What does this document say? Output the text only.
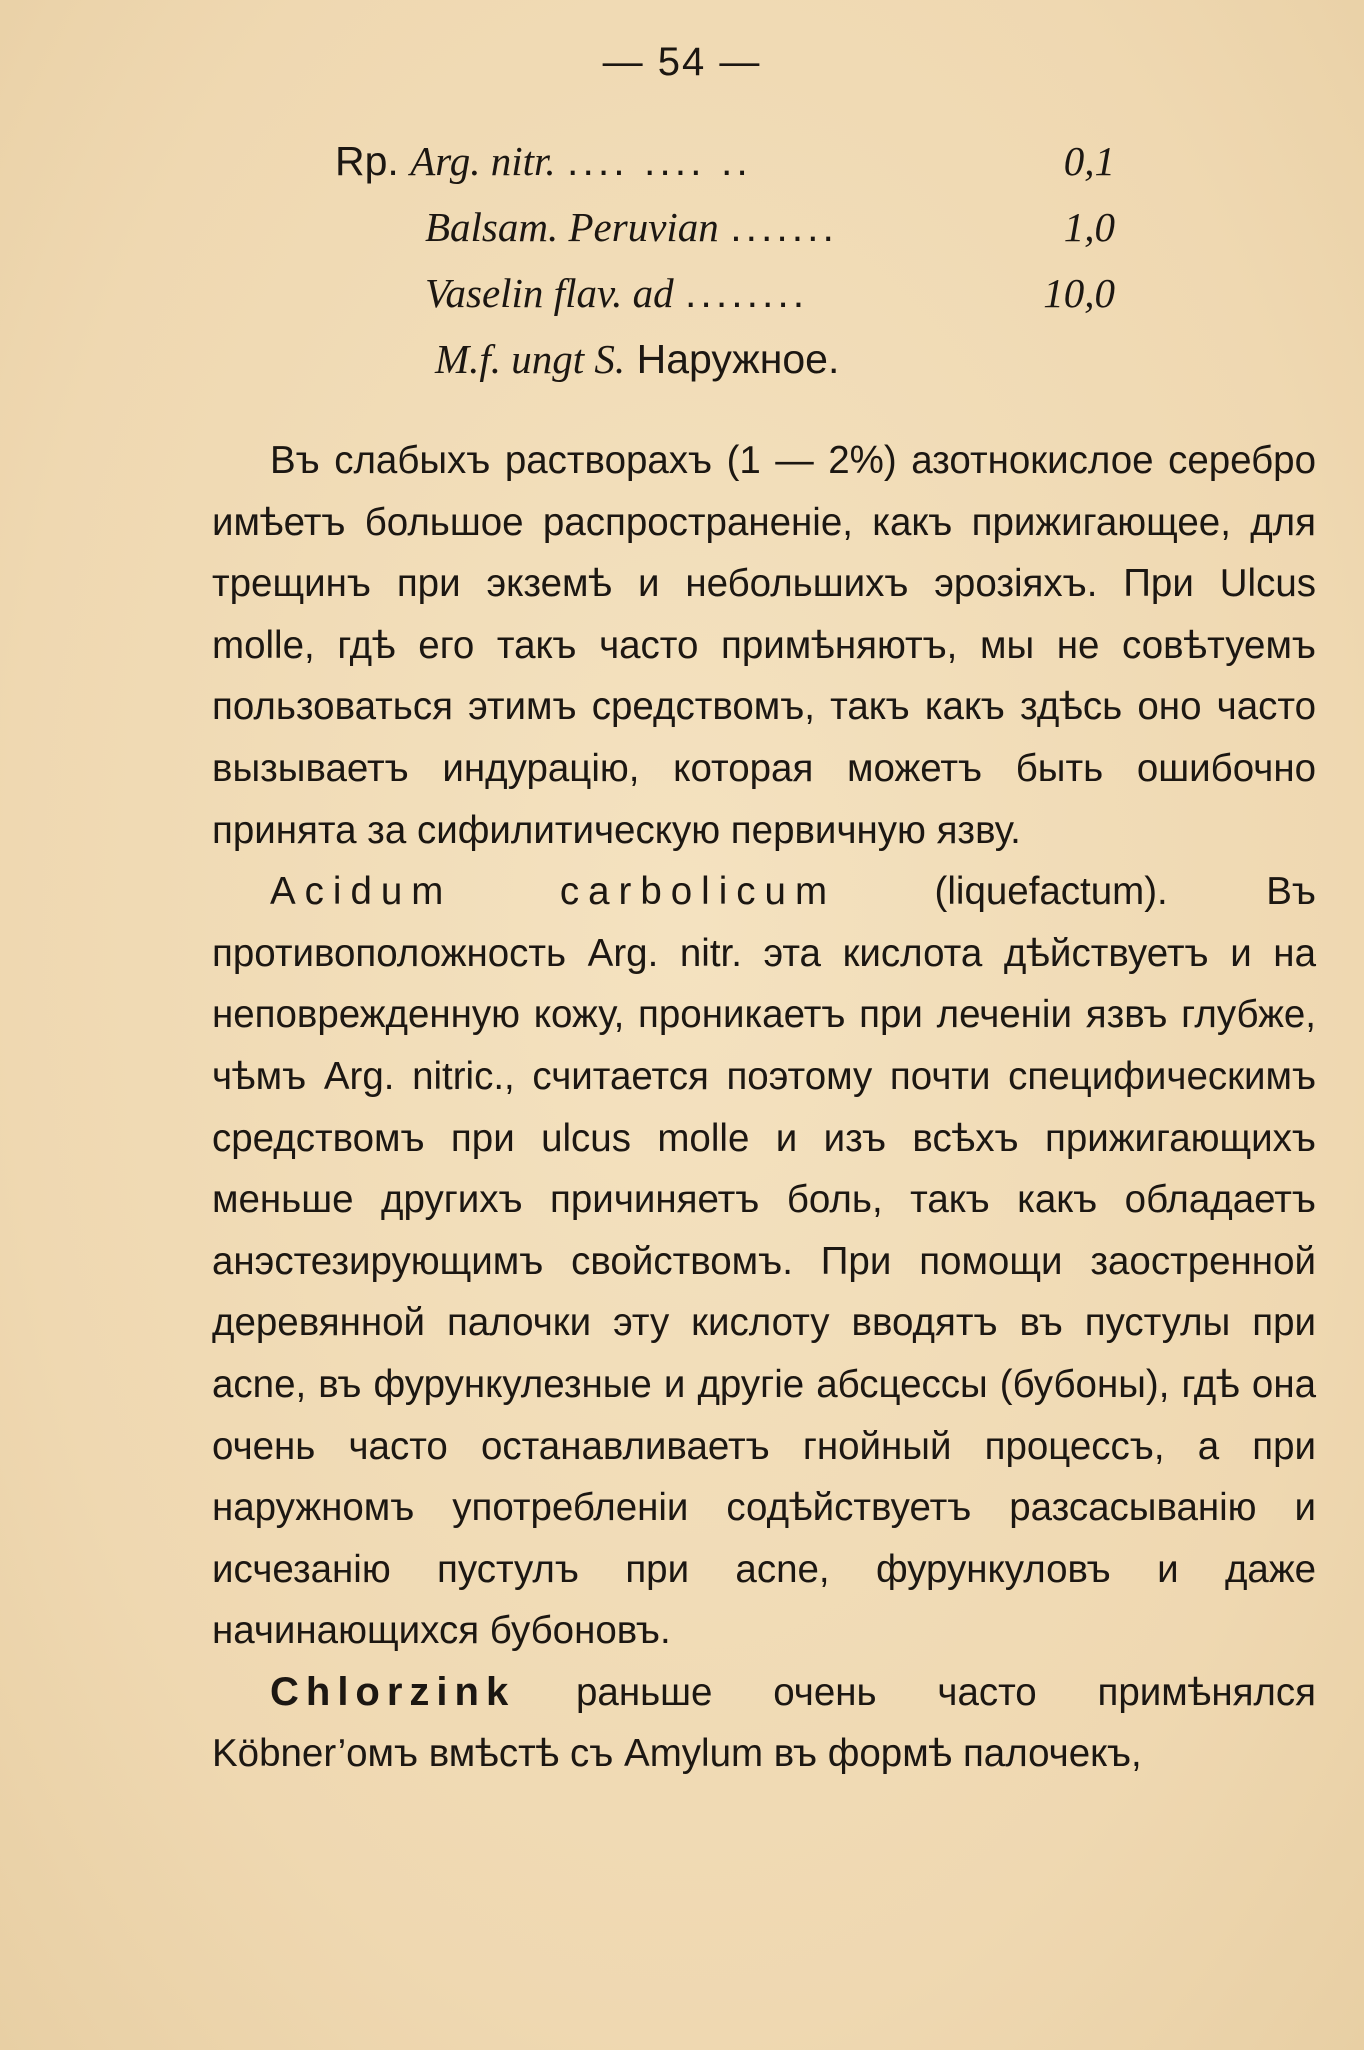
— 54 —
Rp. Arg. nitr. .... .... ..	0,1
Balsam. Peruvian .......	1,0
Vaselin flav. ad ........	10,0
M.f. ungt S. Наружное.

Въ слабыхъ растворахъ (1 — 2%) азотнокислое серебро имѣетъ большое распространеніе, какъ прижигающее, для трещинъ при экземѣ и небольшихъ эрозіяхъ. При Ulcus molle, гдѣ его такъ часто примѣняютъ, мы не совѣтуемъ пользоваться этимъ средствомъ, такъ какъ здѣсь оно часто вызываетъ индурацію, которая можетъ быть ошибочно принята за сифилитическую первичную язву.

Acidum carbolicum (liquefactum). Въ противоположность Arg. nitr. эта кислота дѣйствуетъ и на неповрежденную кожу, проникаетъ при леченіи язвъ глубже, чѣмъ Arg. nitric., считается поэтому почти специфическимъ средствомъ при ulcus molle и изъ всѣхъ прижигающихъ меньше другихъ причиняетъ боль, такъ какъ обладаетъ анэстезирующимъ свойствомъ. При помощи заостренной деревянной палочки эту кислоту вводятъ въ пустулы при acne, въ фурункулезные и другіе абсцессы (бубоны), гдѣ она очень часто останавливаетъ гнойный процессъ, а при наружномъ употребленіи содѣйствуетъ разсасыванію и исчезанію пустулъ при acne, фурункуловъ и даже начинающихся бубоновъ.

Chlorzink раньше очень часто примѣнялся Köbner’омъ вмѣстѣ съ Amylum въ формѣ палочекъ,
